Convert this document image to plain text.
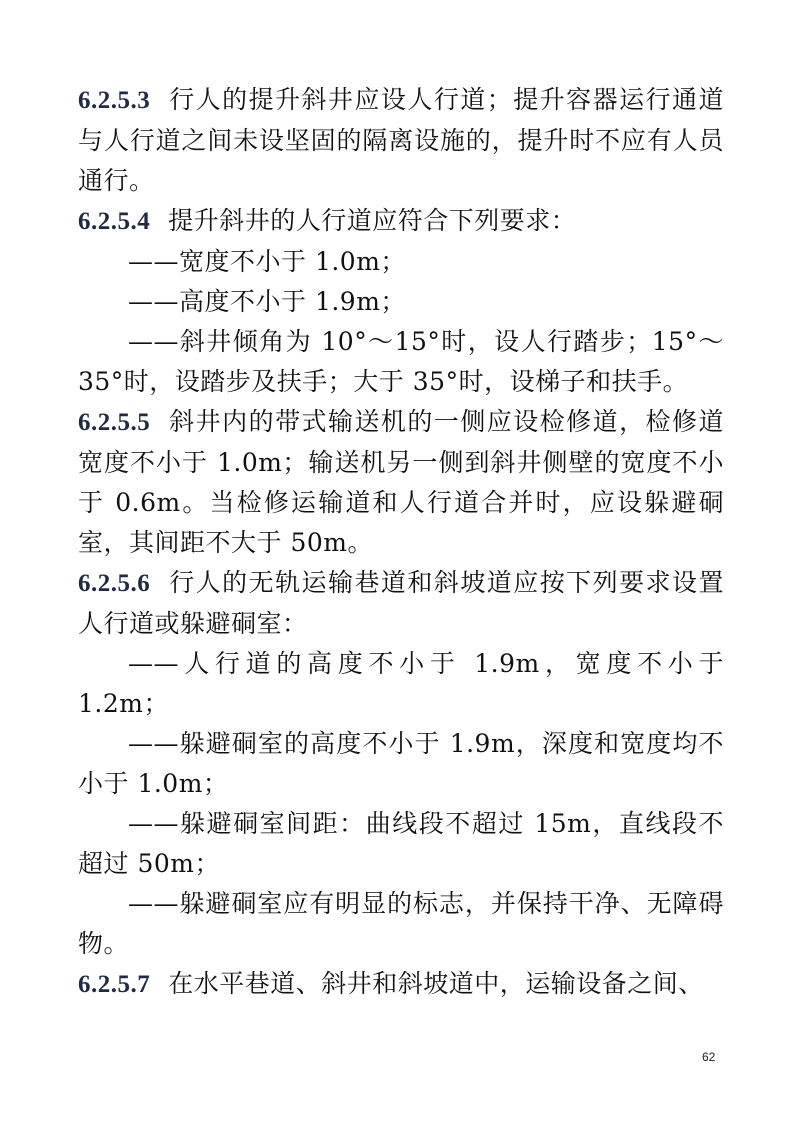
6.2.5.3 行人的提升斜井应设人行道；提升容器运行通道与人行道之间未设坚固的隔离设施的，提升时不应有人员通行。

6.2.5.4 提升斜井的人行道应符合下列要求：

——宽度不小于 1.0m；

——高度不小于 1.9m；

——斜井倾角为 10°～15°时，设人行踏步；15°～35°时，设踏步及扶手；大于 35°时，设梯子和扶手。

6.2.5.5 斜井内的带式输送机的一侧应设检修道，检修道宽度不小于 1.0m；输送机另一侧到斜井侧壁的宽度不小于 0.6m。当检修运输道和人行道合并时，应设躲避硐室，其间距不大于 50m。

6.2.5.6 行人的无轨运输巷道和斜坡道应按下列要求设置人行道或躲避硐室：

——人行道的高度不小于 1.9m，宽度不小于 1.2m；

——躲避硐室的高度不小于 1.9m，深度和宽度均不小于 1.0m；

——躲避硐室间距：曲线段不超过 15m，直线段不超过 50m；

——躲避硐室应有明显的标志，并保持干净、无障碍物。

6.2.5.7 在水平巷道、斜井和斜坡道中，运输设备之间、

62
